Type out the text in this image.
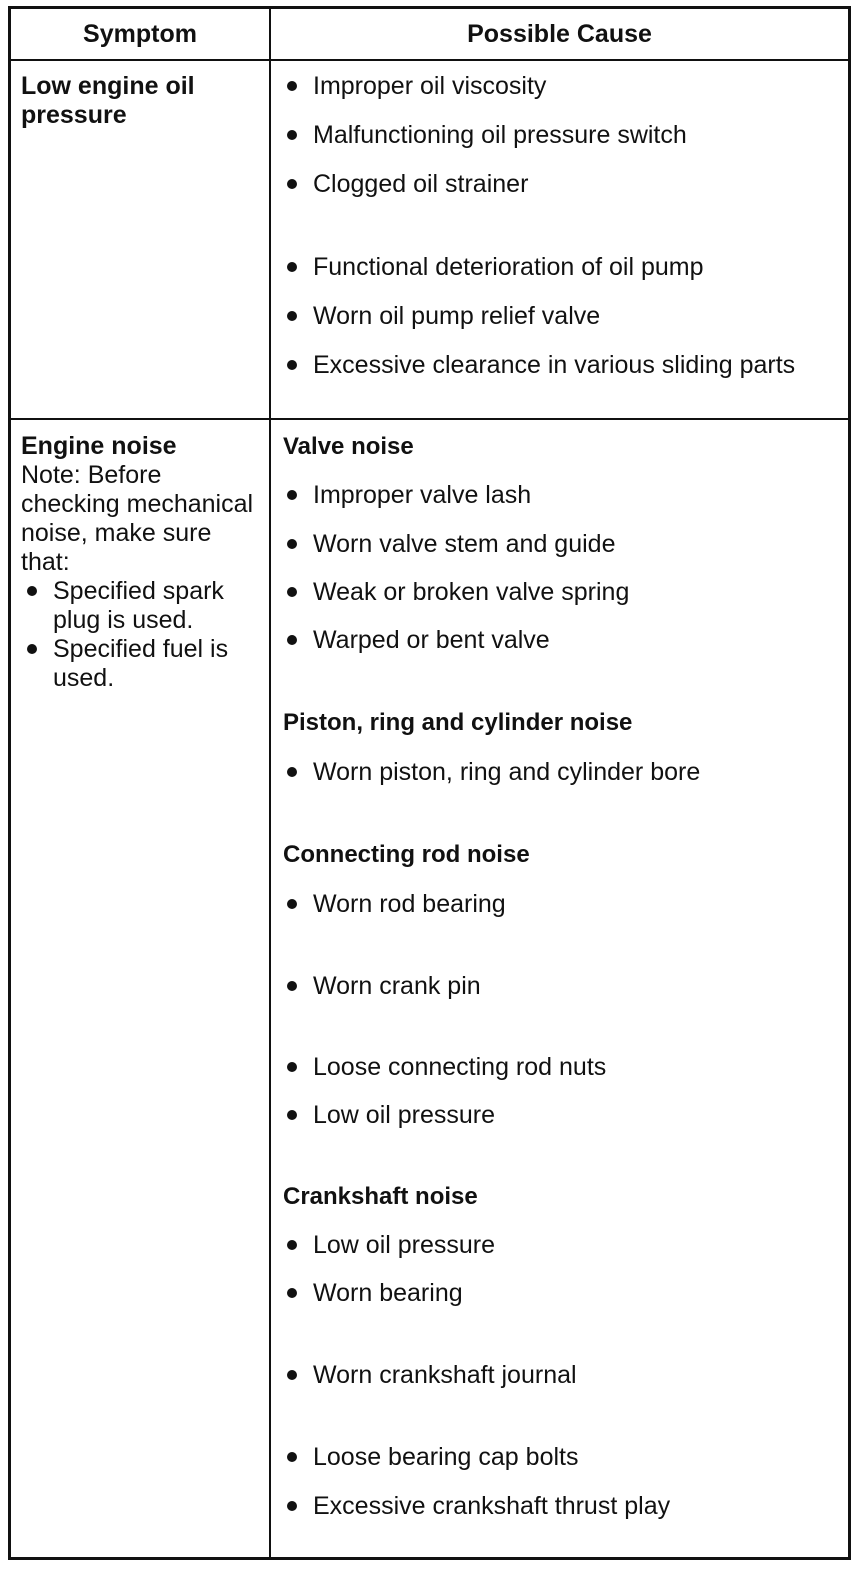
Symptom	Possible Cause
Low engine oil pressure
Improper oil viscosity
Malfunctioning oil pressure switch
Clogged oil strainer
Functional deterioration of oil pump
Worn oil pump relief valve
Excessive clearance in various sliding parts
Engine noise
Note: Before checking mechanical noise, make sure that:
Specified spark plug is used.
Specified fuel is used.
Valve noise
Improper valve lash
Worn valve stem and guide
Weak or broken valve spring
Warped or bent valve
Piston, ring and cylinder noise
Worn piston, ring and cylinder bore
Connecting rod noise
Worn rod bearing
Worn crank pin
Loose connecting rod nuts
Low oil pressure
Crankshaft noise
Low oil pressure
Worn bearing
Worn crankshaft journal
Loose bearing cap bolts
Excessive crankshaft thrust play
